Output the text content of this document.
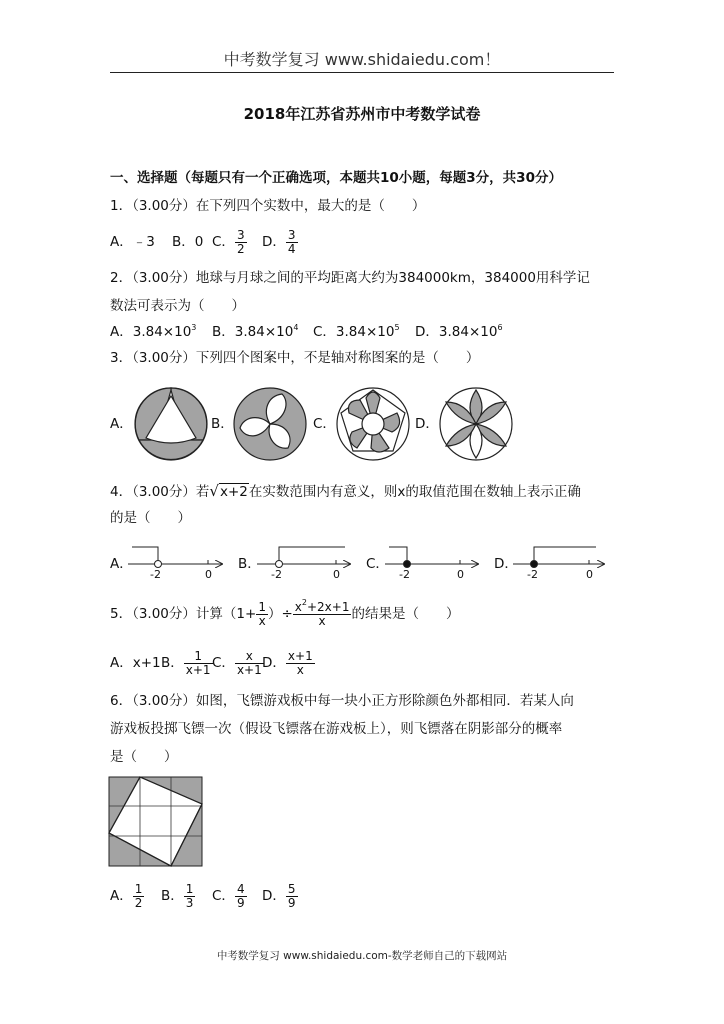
中考数学复习 www.shidaiedu.com！
2018年江苏省苏州市中考数学试卷
一、选择题（每题只有一个正确选项，本题共10小题，每题3分，共30分）
1．（3.00分）在下列四个实数中，最大的是（　　）
A．﹣3 B．0 C． $\frac{3}{2}$ D． $\frac{3}{4}$
2．（3.00分）地球与月球之间的平均距离大约为384000km，384000用科学记
数法可表示为（　　）
A．$3.84\times 10^3$ B．$3.84\times 10^4$ C．$3.84\times 10^5$ D．$3.84\times 10^6$
3．（3.00分）下列四个图案中，不是轴对称图案的是（　　）
A．	B．	C．	D．
4．（3.00分）若√x+2在实数范围内有意义，则x的取值范围在数轴上表示正确
的是（　　）
A．	B．	C．	D．
-2	0	-2	0	-2	0	-2	0
5．（3.00分）计算（$1+ \frac{1}{x}$ ）÷ $\frac{x^2+2x+1}{x}$ 的结果是（　　）
A．x+1 B． $\frac{1}{x+1}$ C． $\frac{x}{x+1}$
D． $\frac{x+1}{x}$
6．（3.00分）如图，飞镖游戏板中每一块小正方形除颜色外都相同．若某人向
游戏板投掷飞镖一次（假设飞镖落在游戏板上），则飞镖落在阴影部分的概率
是（　　）
A． $\frac{1}{2}$ B． $\frac{1}{3}$ C． $\frac{4}{9}$ D． $\frac{5}{9}$
中考数学复习 www.shidaiedu.com-数学老师自己的下载网站
